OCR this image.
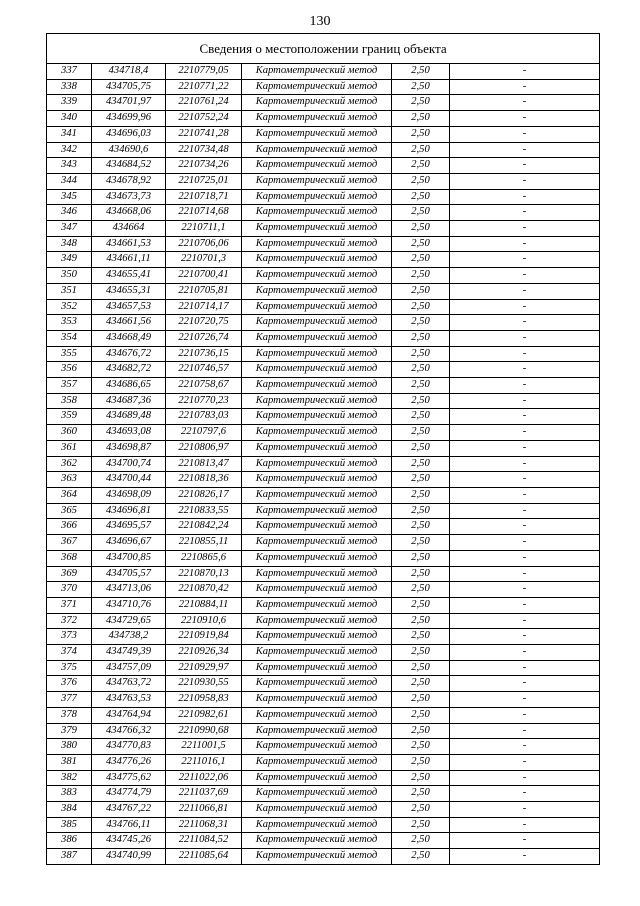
130
Сведения о местоположении границ объекта					
337	434718,4	2210779,05	Картометрический метод	2,50	-
338	434705,75	2210771,22	Картометрический метод	2,50	-
339	434701,97	2210761,24	Картометрический метод	2,50	-
340	434699,96	2210752,24	Картометрический метод	2,50	-
341	434696,03	2210741,28	Картометрический метод	2,50	-
342	434690,6	2210734,48	Картометрический метод	2,50	-
343	434684,52	2210734,26	Картометрический метод	2,50	-
344	434678,92	2210725,01	Картометрический метод	2,50	-
345	434673,73	2210718,71	Картометрический метод	2,50	-
346	434668,06	2210714,68	Картометрический метод	2,50	-
347	434664	2210711,1	Картометрический метод	2,50	-
348	434661,53	2210706,06	Картометрический метод	2,50	-
349	434661,11	2210701,3	Картометрический метод	2,50	-
350	434655,41	2210700,41	Картометрический метод	2,50	-
351	434655,31	2210705,81	Картометрический метод	2,50	-
352	434657,53	2210714,17	Картометрический метод	2,50	-
353	434661,56	2210720,75	Картометрический метод	2,50	-
354	434668,49	2210726,74	Картометрический метод	2,50	-
355	434676,72	2210736,15	Картометрический метод	2,50	-
356	434682,72	2210746,57	Картометрический метод	2,50	-
357	434686,65	2210758,67	Картометрический метод	2,50	-
358	434687,36	2210770,23	Картометрический метод	2,50	-
359	434689,48	2210783,03	Картометрический метод	2,50	-
360	434693,08	2210797,6	Картометрический метод	2,50	-
361	434698,87	2210806,97	Картометрический метод	2,50	-
362	434700,74	2210813,47	Картометрический метод	2,50	-
363	434700,44	2210818,36	Картометрический метод	2,50	-
364	434698,09	2210826,17	Картометрический метод	2,50	-
365	434696,81	2210833,55	Картометрический метод	2,50	-
366	434695,57	2210842,24	Картометрический метод	2,50	-
367	434696,67	2210855,11	Картометрический метод	2,50	-
368	434700,85	2210865,6	Картометрический метод	2,50	-
369	434705,57	2210870,13	Картометрический метод	2,50	-
370	434713,06	2210870,42	Картометрический метод	2,50	-
371	434710,76	2210884,11	Картометрический метод	2,50	-
372	434729,65	2210910,6	Картометрический метод	2,50	-
373	434738,2	2210919,84	Картометрический метод	2,50	-
374	434749,39	2210926,34	Картометрический метод	2,50	-
375	434757,09	2210929,97	Картометрический метод	2,50	-
376	434763,72	2210930,55	Картометрический метод	2,50	-
377	434763,53	2210958,83	Картометрический метод	2,50	-
378	434764,94	2210982,61	Картометрический метод	2,50	-
379	434766,32	2210990,68	Картометрический метод	2,50	-
380	434770,83	2211001,5	Картометрический метод	2,50	-
381	434776,26	2211016,1	Картометрический метод	2,50	-
382	434775,62	2211022,06	Картометрический метод	2,50	-
383	434774,79	2211037,69	Картометрический метод	2,50	-
384	434767,22	2211066,81	Картометрический метод	2,50	-
385	434766,11	2211068,31	Картометрический метод	2,50	-
386	434745,26	2211084,52	Картометрический метод	2,50	-
387	434740,99	2211085,64	Картометрический метод	2,50	-
